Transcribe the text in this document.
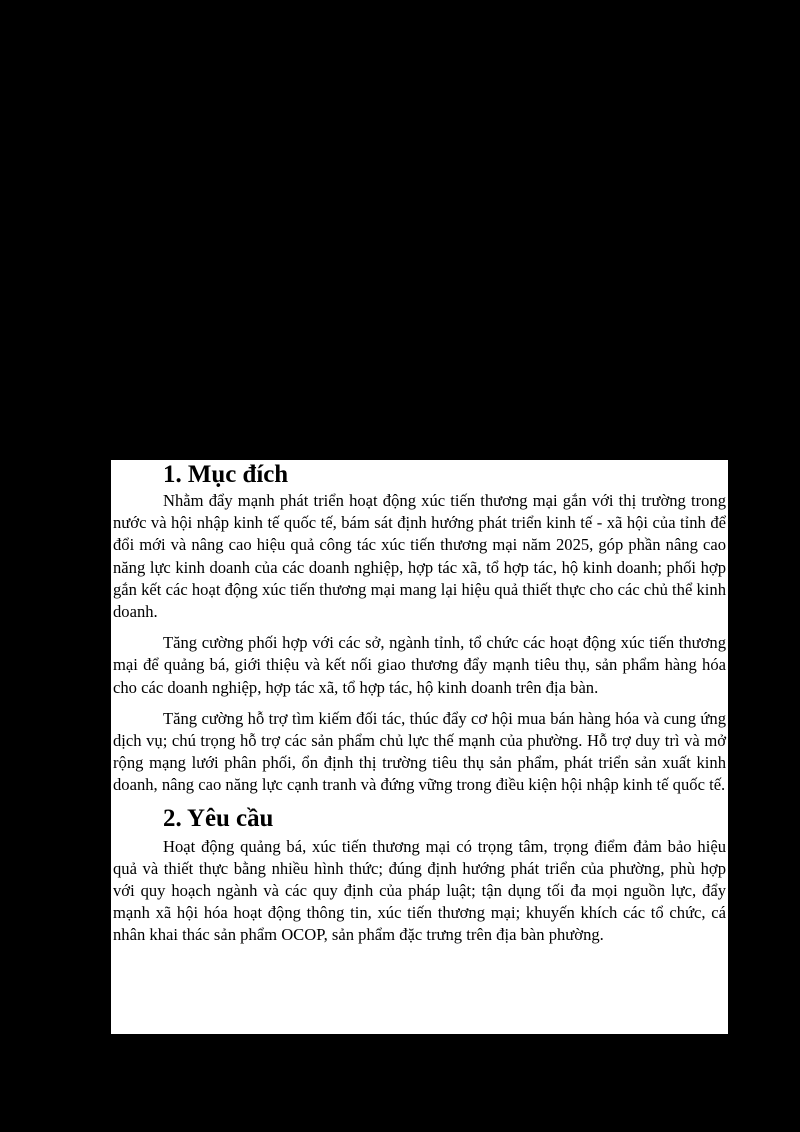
1. Mục đích

Nhằm đẩy mạnh phát triển hoạt động xúc tiến thương mại gắn với thị trường trong nước và hội nhập kinh tế quốc tế, bám sát định hướng phát triển kinh tế - xã hội của tỉnh để đổi mới và nâng cao hiệu quả công tác xúc tiến thương mại năm 2025, góp phần nâng cao năng lực kinh doanh của các doanh nghiệp, hợp tác xã, tổ hợp tác, hộ kinh doanh; phối hợp gắn kết các hoạt động xúc tiến thương mại mang lại hiệu quả thiết thực cho các chủ thể kinh doanh.

Tăng cường phối hợp với các sở, ngành tỉnh, tổ chức các hoạt động xúc tiến thương mại để quảng bá, giới thiệu và kết nối giao thương đẩy mạnh tiêu thụ, sản phẩm hàng hóa cho các doanh nghiệp, hợp tác xã, tổ hợp tác, hộ kinh doanh trên địa bàn.

Tăng cường hỗ trợ tìm kiếm đối tác, thúc đẩy cơ hội mua bán hàng hóa và cung ứng dịch vụ; chú trọng hỗ trợ các sản phẩm chủ lực thế mạnh của phường. Hỗ trợ duy trì và mở rộng mạng lưới phân phối, ổn định thị trường tiêu thụ sản phẩm, phát triển sản xuất kinh doanh, nâng cao năng lực cạnh tranh và đứng vững trong điều kiện hội nhập kinh tế quốc tế.

2. Yêu cầu

Hoạt động quảng bá, xúc tiến thương mại có trọng tâm, trọng điểm đảm bảo hiệu quả và thiết thực bằng nhiều hình thức; đúng định hướng phát triển của phường, phù hợp với quy hoạch ngành và các quy định của pháp luật; tận dụng tối đa mọi nguồn lực, đẩy mạnh xã hội hóa hoạt động thông tin, xúc tiến thương mại; khuyến khích các tổ chức, cá nhân khai thác sản phẩm OCOP, sản phẩm đặc trưng trên địa bàn phường.
